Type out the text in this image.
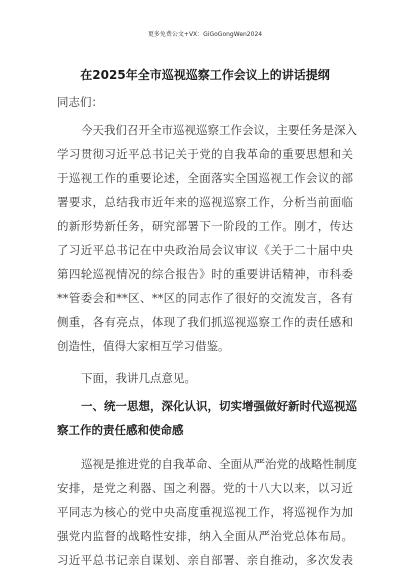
更多免费公文+VX：GiGoGongWen2024
在2025年全市巡视巡察工作会议上的讲话提纲
同志们：
今天我们召开全市巡视巡察工作会议，主要任务是深入
学习贯彻习近平总书记关于党的自我革命的重要思想和关
于巡视工作的重要论述，全面落实全国巡视工作会议的部
署要求，总结我市近年来的巡视巡察工作，分析当前面临
的新形势新任务，研究部署下一阶段的工作。刚才，传达
了习近平总书记在中央政治局会议审议《关于二十届中央
第四轮巡视情况的综合报告》时的重要讲话精神，市科委
**管委会和**区、**区的同志作了很好的交流发言，各有
侧重，各有亮点，体现了我们抓巡视巡察工作的责任感和
创造性，值得大家相互学习借鉴。
下面，我讲几点意见。
一、统一思想，深化认识，切实增强做好新时代巡视巡
察工作的责任感和使命感
巡视是推进党的自我革命、全面从严治党的战略性制度
安排，是党之利器、国之利器。党的十八大以来，以习近
平同志为核心的党中央高度重视巡视工作，将巡视作为加
强党内监督的战略性安排，纳入全面从严治党总体布局。
习近平总书记亲自谋划、亲自部署、亲自推动，多次发表
